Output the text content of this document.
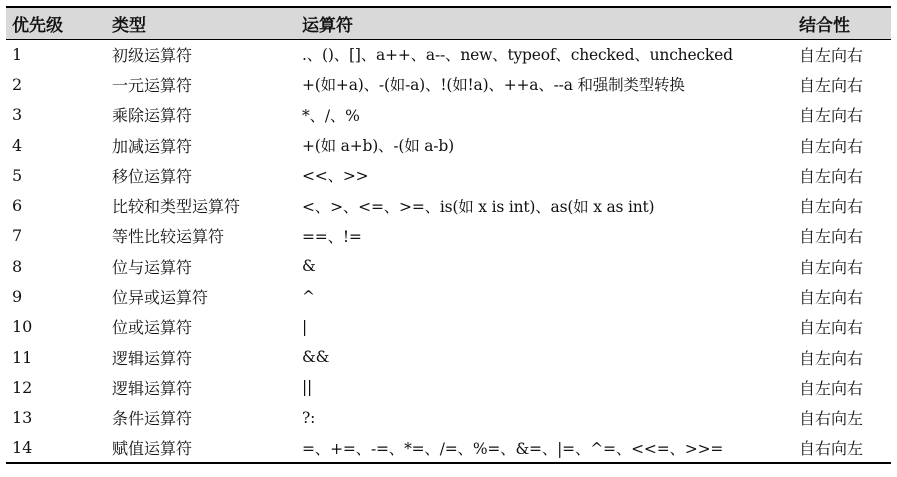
优先级	类型	运算符	结合性
1	初级运算符	.、()、[]、a++、a--、new、typeof、checked、unchecked	自左向右
2	一元运算符	+(如+a)、-(如-a)、!(如!a)、++a、--a 和强制类型转换	自左向右
3	乘除运算符	*、/、%	自左向右
4	加减运算符	+(如 a+b)、-(如 a-b)	自左向右
5	移位运算符	<<、>>	自左向右
6	比较和类型运算符	<、>、<=、>=、is(如 x is int)、as(如 x as int)	自左向右
7	等性比较运算符	==、!=	自左向右
8	位与运算符	&	自左向右
9	位异或运算符	^	自左向右
10	位或运算符	|	自左向右
11	逻辑运算符	&&	自左向右
12	逻辑运算符	||	自左向右
13	条件运算符	?:	自右向左
14	赋值运算符	=、+=、-=、*=、/=、%=、&=、|=、^=、<<=、>>=	自右向左
